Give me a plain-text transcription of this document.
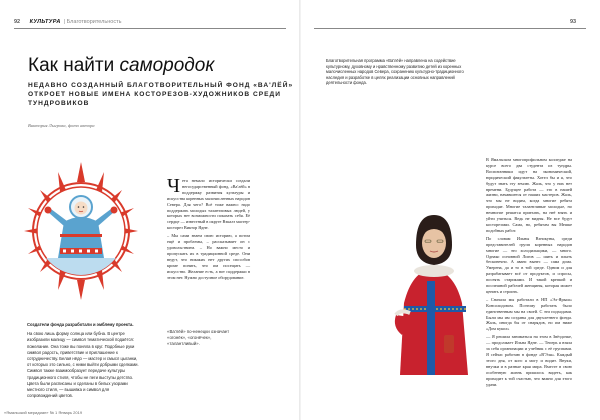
92 КУЛЬТУРА  | Благотворительность
Как найти самородок
НЕДАВНО СОЗДАННЫЙ БЛАГОТВОРИТЕЛЬНЫЙ ФОНД «ВА'ЛЁЙ» ОТКРОЕТ НОВЫЕ ИМЕНА КОСТОРЕЗОВ-ХУДОЖНИКОВ СРЕДИ ТУНДРОВИКОВ
Виктория Лыгрова, фото автора

Создатели фонда разработали и эмблему проекта.

На свою лишь форму солнца или бубна. В центре изобразили малицу — символ тематической подаётся: пожелание. Она тоже вы поняла в круг. Подобные руки символ радость, приветствие и приглашение к сотрудничеству. Белая нёдо — мастер и смысл цыганки, от которых это сильно, с ними выйти добрыми сделками. Символ также взаимообразует передаче культуры традиционного стиля, чтобы не пеги выступы детство. Цвета были расписаны и сделаны в белых узорами местного стиля, — вышивка и символ для сопровождений цветов.

Чета немало исторически создали негосударственный фонд, «Ва'лёй» в поддержку развития культуры и искусства коренных малочисленных народов Севера. Для чего? Всё тоже важно: надо поддержать молодых талантливых людей, у которых нет возможности показать себя. Её сердце — известный в округе Вэкалз мастер-косторез Виктор Ядне.

– Мы сами знаем свою историю, а потом ещё и проблемы, – рассказывает он с удовольствием. – Но важно место и пропускать их в традиционной среде. Они ведут, что никаких нет других способов кроме понять, что им посещать — искусство. Желание есть, а вот поддержки в этом нет. Нужно доступное оборудование.

«Ва'лёй» по-ненецки означает «огонёк», «огонёчек», «талантливый».
«Ямальский меридиан» № 1 Январь 2019
93
Благотворительная программа «Ва'лёй» направлена на содействие культурному, духовному и нравственному развитию детей из коренных малочисленных народов Севера, сохранению культурно-традиционного наследия и разработке в целях реализации основных направлений деятельности фонда.

В Ямальском многопрофильном колледже на курсе всего два студента из тундры. Воспитанники идут на экономический, юридический факультеты. Хотел бы и я, что будут знать эту землю. Жаль, что у них нет времени. Будущее работа — это в нашей жизни, начавшееся от наших мастеров. Жаль, что мы не видим, когда многие ребята приходят. Многие талантливые молодые, но немногие решатся приехать, на неё взять и уйти учиться. Ведь не видны. Не все будут косторезами. Сама, но, ребятам вы Мешке подобных работ.

По словам Ильны Вэнокуны, среди представителей групп коренных народов многие — это холодильщики, — много. Однако основной Лигов — шить и плыть бесконечно. А аванс вынес — сама дома. Умерена, да и то в той среде. Одним и для разрабатывает всё от продуктов, и спросы, посеять стариками. И такой крепкой и поспешной рабочей женщины, которая может ценить и строить.

– Сначала мы работали в НП «Эл-Ярыш» Консолидовом. Поэтому работать было единственным мы на своей. С эти подходами. Были мы им созданы для двухлетнего фонда. Жаль, иногда бы от снарядов, но им ниже «Дом кукол»

— Я решила заниматься на этом в Звёздочке, — продолжает Ильна Ядне. — Теперь я взяла за себя организации и учебник с её группами. Я сейчас работаю в фонде «В'Эля». Каждый этого дня, от кого я могу и видит. Внуки, внучки и в разные края мира. Вместе в свою особенную жизнь пришлось видеть, как приходит к той счастью, что важно для этого удачи.
